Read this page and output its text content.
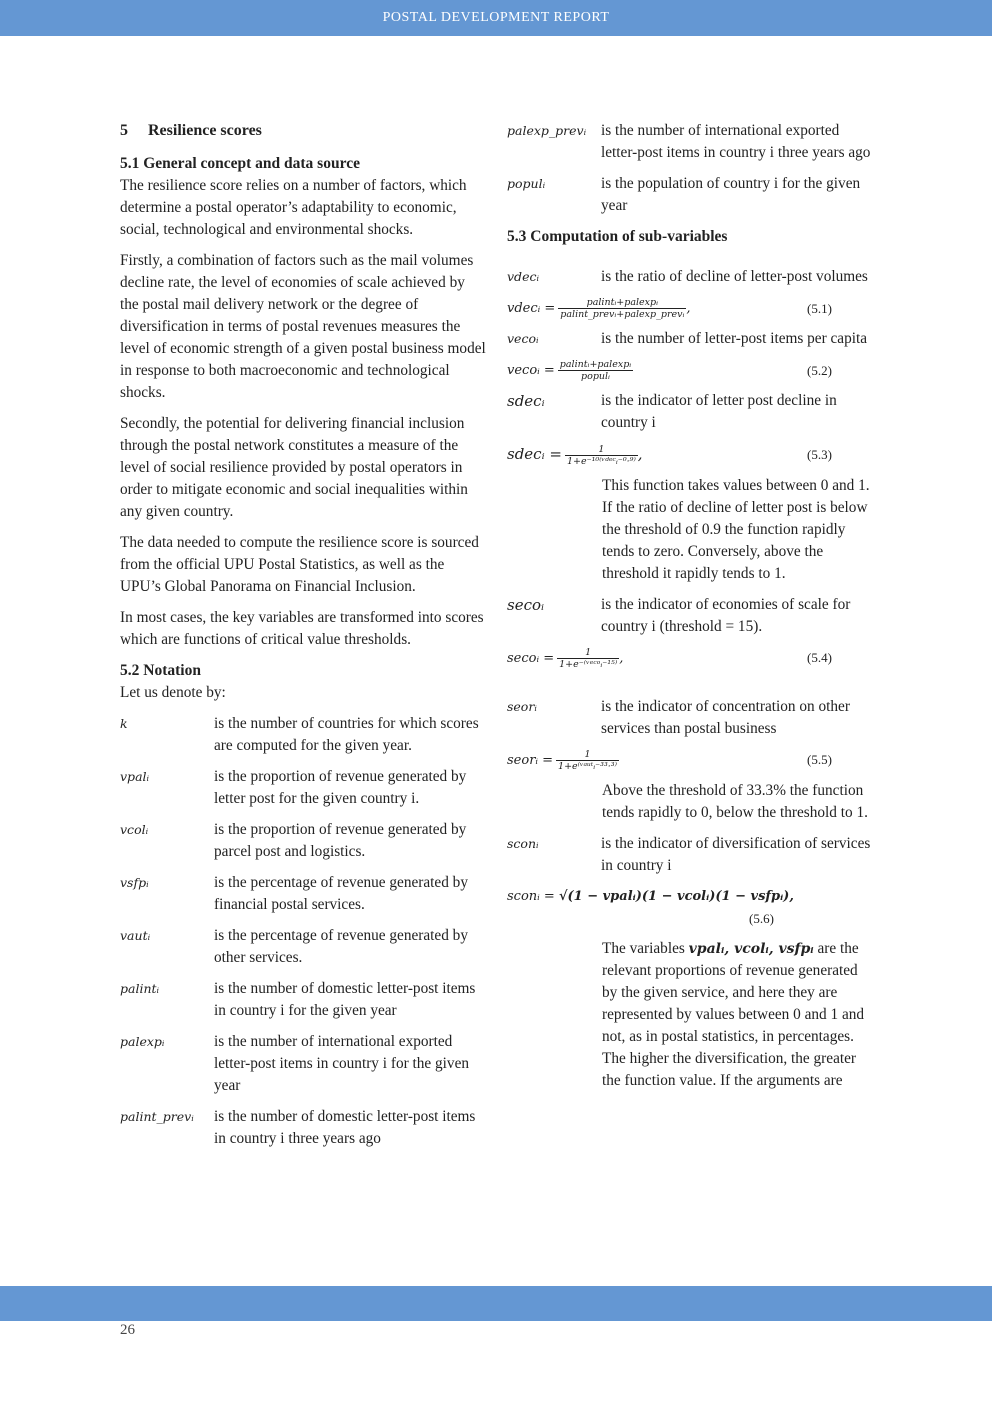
POSTAL DEVELOPMENT REPORT
5  Resilience scores
5.1 General concept and data source

The resilience score relies on a number of factors, which determine a postal operator’s adaptability to economic, social, technological and environmental shocks.

Firstly, a combination of factors such as the mail volumes decline rate, the level of economies of scale achieved by the postal mail delivery network or the degree of diversification in terms of postal revenues measures the level of economic strength of a given postal business model in response to both macroeconomic and technological shocks.

Secondly, the potential for delivering financial inclusion through the postal network constitutes a measure of the level of social resilience provided by postal operators in order to mitigate economic and social inequalities within any given country.

The data needed to compute the resilience score is sourced from the official UPU Postal Statistics, as well as the UPU’s Global Panorama on Financial Inclusion.

In most cases, the key variables are transformed into scores which are functions of critical value thresholds.

5.2 Notation

Let us denote by:

k	is the number of countries for which scores are computed for the given year.
vpalᵢ	is the proportion of revenue generated by letter post for the given country i.
vcolᵢ	is the proportion of revenue generated by parcel post and logistics.
vsfpᵢ	is the percentage of revenue generated by financial postal services.
vautᵢ	is the percentage of revenue generated by other services.
palintᵢ	is the number of domestic letter-post items in country i for the given year
palexpᵢ	is the number of international exported letter-post items in country i for the given year
palint_prevᵢ	is the number of domestic letter-post items in country i three years ago
palexp_prevᵢ is the number of international exported letter-post items in country i three years ago
populᵢ	is the population of country i for the given year
5.3 Computation of sub-variables
vdecᵢ	is the ratio of decline of letter-post volumes
vdecᵢ =	palintᵢ+palexpᵢ
palint_prevᵢ+palexp_prevᵢ ,	(5.1)
vecoᵢ	is the number of letter-post items per capita
vecoᵢ = palintᵢ+palexpᵢ
populᵢ	(5.2)
sdecᵢ	is the indicator of letter post decline in country i
sdecᵢ =	1
1+e⁻¹⁰⁽ᵛᵈᵉᶜᵢ⁻⁰·⁹⁾ ,	(5.3)

This function takes values between 0 and 1. If the ratio of decline of letter post is below the threshold of 0.9 the function rapidly tends to zero. Conversely, above the threshold it rapidly tends to 1.

secoᵢ	is the indicator of economies of scale for country i (threshold = 15).
secoᵢ =	1
1+e⁻⁽ᵛᵉᶜᵒᵢ⁻¹⁵⁾ ,	(5.4)
seorᵢ	is the indicator of concentration on other services than postal business
seorᵢ =	1
1+e⁽ᵛᵃᵘᵗᵢ⁻³³·³⁾	(5.5)

Above the threshold of 33.3% the function tends rapidly to 0, below the threshold to 1.

sconᵢ	is the indicator of diversification of services in country i
sconᵢ = √(1 − vpalᵢ)(1 − vcolᵢ)(1 − vsfpᵢ),
(5.6)

The variables vpalᵢ, vcolᵢ, vsfpᵢ are the relevant proportions of revenue generated by the given service, and here they are represented by values between 0 and 1 and not, as in postal statistics, in percentages. The higher the diversification, the greater the function value. If the arguments are

26
